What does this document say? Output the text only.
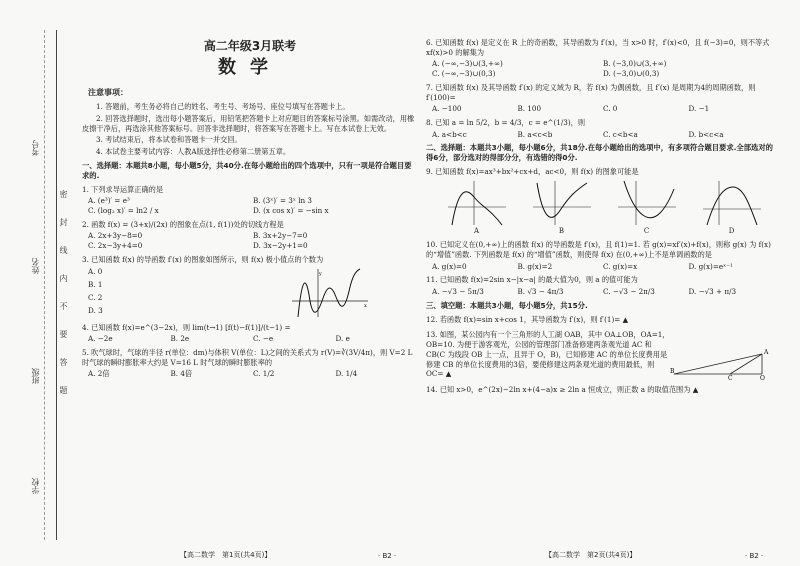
考号
姓名
班级
学校
密
封
线
内
不
要
答
题
高二年级3月联考
数学
注意事项：

1. 答题前，考生务必将自己的姓名、考生号、考场号、座位号填写在答题卡上。

2. 回答选择题时，选出每小题答案后，用铅笔把答题卡上对应题目的答案标号涂黑。如需改动，用橡皮擦干净后，再选涂其他答案标号。回答非选择题时，将答案写在答题卡上。写在本试卷上无效。

3. 考试结束后，将本试卷和答题卡一并交回。

4. 本试卷主要考试内容：人教A版选择性必修第二册第五章。

一、选择题：本题共8小题，每小题5分，共40分.在每小题给出的四个选项中，只有一项是符合题目要求的.

1. 下列求导运算正确的是

A. (e³)′ = e³	B. (3ˣ)′ = 3ˣ ln 3
C. (log₂ x)′ = ln2 / x	D. (x cos x)′ = −sin x

2. 函数 f(x) = (3+x)/(2x) 的图象在点(1, f(1))处的切线方程是

A. 2x+3y−8=0	B. 3x+2y−7=0
C. 2x−3y+4=0	D. 3x−2y+1=0

3. 已知函数 f(x) 的导函数 f′(x) 的图象如图所示，则 f(x) 极小值点的个数为

A. 0
B. 1
C. 2
D. 3
y
x

4. 已知函数 f(x)=e^(3−2x)，则 lim(t→1) [f(t)−f(1)]/(t−1) =

A. −2e	B. 2e	C. −e	D. e

5. 吹气球时，气球的半径 r(单位：dm)与体积 V(单位：L)之间的关系式为 r(V)=∛(3V/4π)，则 V=2 L 时气球的瞬时膨胀率大约是 V=16 L 时气球的瞬时膨胀率的

A. 2倍	B. 4倍	C. 1/2	D. 1/4

6. 已知函数 f(x) 是定义在 R 上的奇函数，其导函数为 f′(x)，当 x>0 时，f′(x)<0，且 f(−3)=0，则不等式 xf(x)>0 的解集为

A. (−∞,−3)∪(3,+∞)	B. (−3,0)∪(3,+∞)
C. (−∞,−3)∪(0,3)	D. (−3,0)∪(0,3)

7. 已知函数 f(x) 及其导函数 f′(x) 的定义域为 R，若 f(x) 为偶函数，且 f′(x) 是周期为4的周期函数，则 f′(100)=

A. −100	B. 100	C. 0	D. −1

8. 已知 a = ln 5/2，b = 4/3，c = e^(1/3)，则

A. a<b<c	B. a<c<b	C. c<b<a	D. b<c<a

二、选择题：本题共3小题，每小题6分，共18分.在每小题给出的选项中，有多项符合题目要求.全部选对的得6分，部分选对的得部分分，有选错的得0分.

9. 已知函数 f(x)=ax³+bx²+cx+d，ac<0，则 f(x) 的图象可能是

A	B	C	D

10. 已知定义在(0,+∞)上的函数 f(x) 的导函数是 f′(x)，且 f(1)=1. 若 g(x)=xf′(x)+f(x)，则称 g(x) 为 f(x) 的“增值”函数. 下列函数是 f(x) 的“增值”函数，则使得 f(x) 在(0,+∞)上不是单调函数的是

A. g(x)=0	B. g(x)=2	C. g(x)=x	D. g(x)=eˣ⁻¹

11. 已知函数 f(x)=2sin x−|x−a| 的最大值为0，则 a 的值可能为

A. −√3 − 5π/3	B. √3 − 4π/3	C. −√3 − 2π/3	D. −√3 + π/3

三、填空题：本题共3小题，每小题5分，共15分.

12. 若函数 f(x)=sin x+cos 1，其导函数为 f′(x)，则 f′(1)= ▲

13. 如图，某公园内有一个三角形的人工湖 OAB，其中 OA⊥OB，OA=1，OB=10. 为便于游客观光，公园的管理部门准备修建两条观光道 AC 和 CB(C 为线段 OB 上一点，且异于 O，B)，已知修建 AC 的单位长度费用是修建 CB 的单位长度费用的3倍，要使修建这两条观光道的费用最低，则 OC= ▲

A
B
C	O

14. 已知 x>0，e^(2x)−2ln x+(4−a)x ≥ 2ln a 恒成立，则正数 a 的取值范围为 ▲

【高二数学　第1页(共4页)】	· B2 ·	【高二数学　第2页(共4页)】	· B2 ·
